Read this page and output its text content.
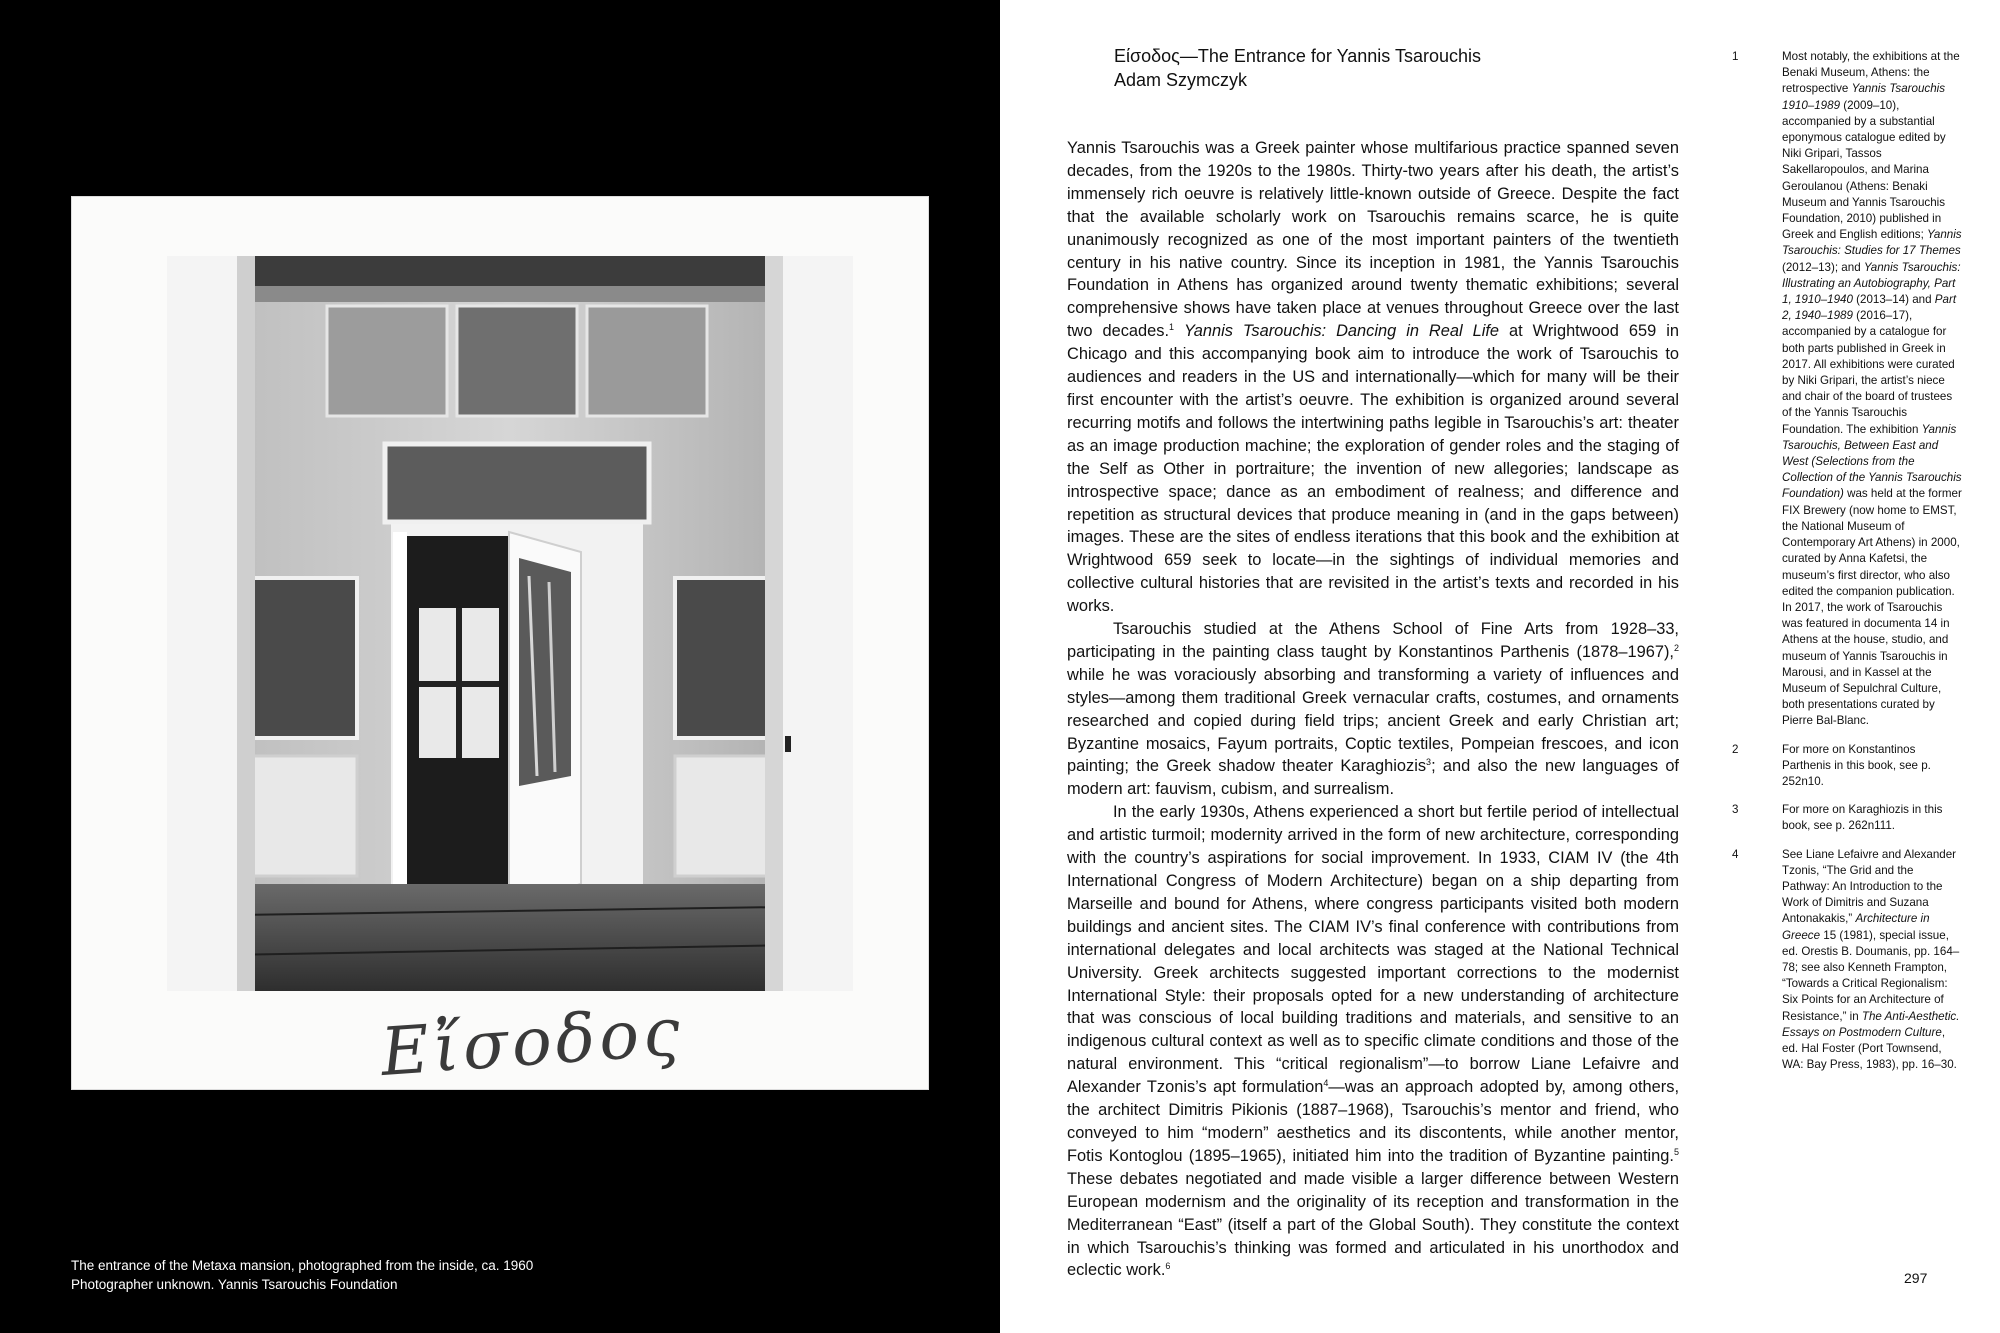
Εἴσοδος
The entrance of the Metaxa mansion, photographed from the inside, ca. 1960
Photographer unknown. Yannis Tsarouchis Foundation
Είσοδος—The Entrance for Yannis Tsarouchis
Adam Szymczyk

Yannis Tsarouchis was a Greek painter whose multifarious practice spanned seven decades, from the 1920s to the 1980s. Thirty-two years after his death, the artist’s immensely rich oeuvre is relatively little-known outside of Greece. Despite the fact that the available scholarly work on Tsarouchis remains scarce, he is quite unanimously recognized as one of the most important painters of the twentieth century in his native country. Since its inception in 1981, the Yannis Tsarouchis Foundation in Athens has organized around twenty thematic exhibitions; several comprehensive shows have taken place at venues throughout Greece over the last two decades.$^1$ Yannis Tsarouchis: Dancing in Real Life at Wrightwood 659 in Chicago and this accompanying book aim to introduce the work of Tsarouchis to audiences and readers in the US and internationally—which for many will be their first encounter with the artist’s oeuvre. The exhibition is organized around several recurring motifs and follows the intertwining paths legible in Tsarouchis’s art: theater as an image production machine; the exploration of gender roles and the staging of the Self as Other in portraiture; the invention of new allegories; landscape as introspective space; dance as an embodiment of realness; and difference and repetition as structural devices that produce meaning in (and in the gaps between) images. These are the sites of endless iterations that this book and the exhibition at Wrightwood 659 seek to locate—in the sightings of individual memories and collective cultural histories that are revisited in the artist’s texts and recorded in his works.

Tsarouchis studied at the Athens School of Fine Arts from 1928–33, participating in the painting class taught by Konstantinos Parthenis (1878–1967),$^2$ while he was voraciously absorbing and transforming a variety of influences and styles—among them traditional Greek vernacular crafts, costumes, and ornaments researched and copied during field trips; ancient Greek and early Christian art; Byzantine mosaics, Fayum portraits, Coptic textiles, Pompeian frescoes, and icon painting; the Greek shadow theater Karaghiozis$^3$; and also the new languages of modern art: fauvism, cubism, and surrealism.

In the early 1930s, Athens experienced a short but fertile period of intellectual and artistic turmoil; modernity arrived in the form of new architecture, corresponding with the country’s aspirations for social improvement. In 1933, CIAM IV (the 4th International Congress of Modern Architecture) began on a ship departing from Marseille and bound for Athens, where congress participants visited both modern buildings and ancient sites. The CIAM IV’s final conference with contributions from international delegates and local architects was staged at the National Technical University. Greek architects suggested important corrections to the modernist International Style: their proposals opted for a new understanding of architecture that was conscious of local building traditions and materials, and sensitive to an indigenous cultural context as well as to specific climate conditions and those of the natural environment. This “critical regionalism”—to borrow Liane Lefaivre and Alexander Tzonis’s apt formulation$^4$—was an approach adopted by, among others, the architect Dimitris Pikionis (1887–1968), Tsarouchis’s mentor and friend, who conveyed to him “modern” aesthetics and its discontents, while another mentor, Fotis Kontoglou (1895–1965), initiated him into the tradition of Byzantine painting.$^5$ These debates negotiated and made visible a larger difference between Western European modernism and the originality of its reception and transformation in the Mediterranean “East” (itself a part of the Global South). They constitute the context in which Tsarouchis’s thinking was formed and articulated in his unorthodox and eclectic work.$^6$

1	Most notably, the exhibitions at the Benaki Museum, Athens: the retrospective Yannis Tsarouchis 1910–1989 (2009–10), accompanied by a substantial eponymous catalogue edited by Niki Gripari, Tassos Sakellaropoulos, and Marina Geroulanou (Athens: Benaki Museum and Yannis Tsarouchis Foundation, 2010) published in Greek and English editions; Yannis Tsarouchis: Studies for 17 Themes (2012–13); and Yannis Tsarouchis: Illustrating an Autobiography, Part 1, 1910–1940 (2013–14) and Part 2, 1940–1989 (2016–17), accompanied by a catalogue for both parts published in Greek in 2017. All exhibitions were curated by Niki Gripari, the artist’s niece and chair of the board of trustees of the Yannis Tsarouchis Foundation. The exhibition Yannis Tsarouchis, Between East and West (Selections from the Collection of the Yannis Tsarouchis Foundation) was held at the former FIX Brewery (now home to EMST, the National Museum of Contemporary Art Athens) in 2000, curated by Anna Kafetsi, the museum’s first director, who also edited the companion publication. In 2017, the work of Tsarouchis was featured in documenta 14 in Athens at the house, studio, and museum of Yannis Tsarouchis in Marousi, and in Kassel at the Museum of Sepulchral Culture, both presentations curated by Pierre Bal-Blanc.
2	For more on Konstantinos Parthenis in this book, see p. 252n10.
3	For more on Karaghiozis in this book, see p. 262n111.
4	See Liane Lefaivre and Alexander Tzonis, “The Grid and the Pathway: An Introduction to the Work of Dimitris and Suzana Antonakakis,” Architecture in Greece 15 (1981), special issue, ed. Orestis B. Doumanis, pp. 164–78; see also Kenneth Frampton, “Towards a Critical Regionalism: Six Points for an Architecture of Resistance,” in The Anti-Aesthetic. Essays on Postmodern Culture, ed. Hal Foster (Port Townsend, WA: Bay Press, 1983), pp. 16–30.
297
